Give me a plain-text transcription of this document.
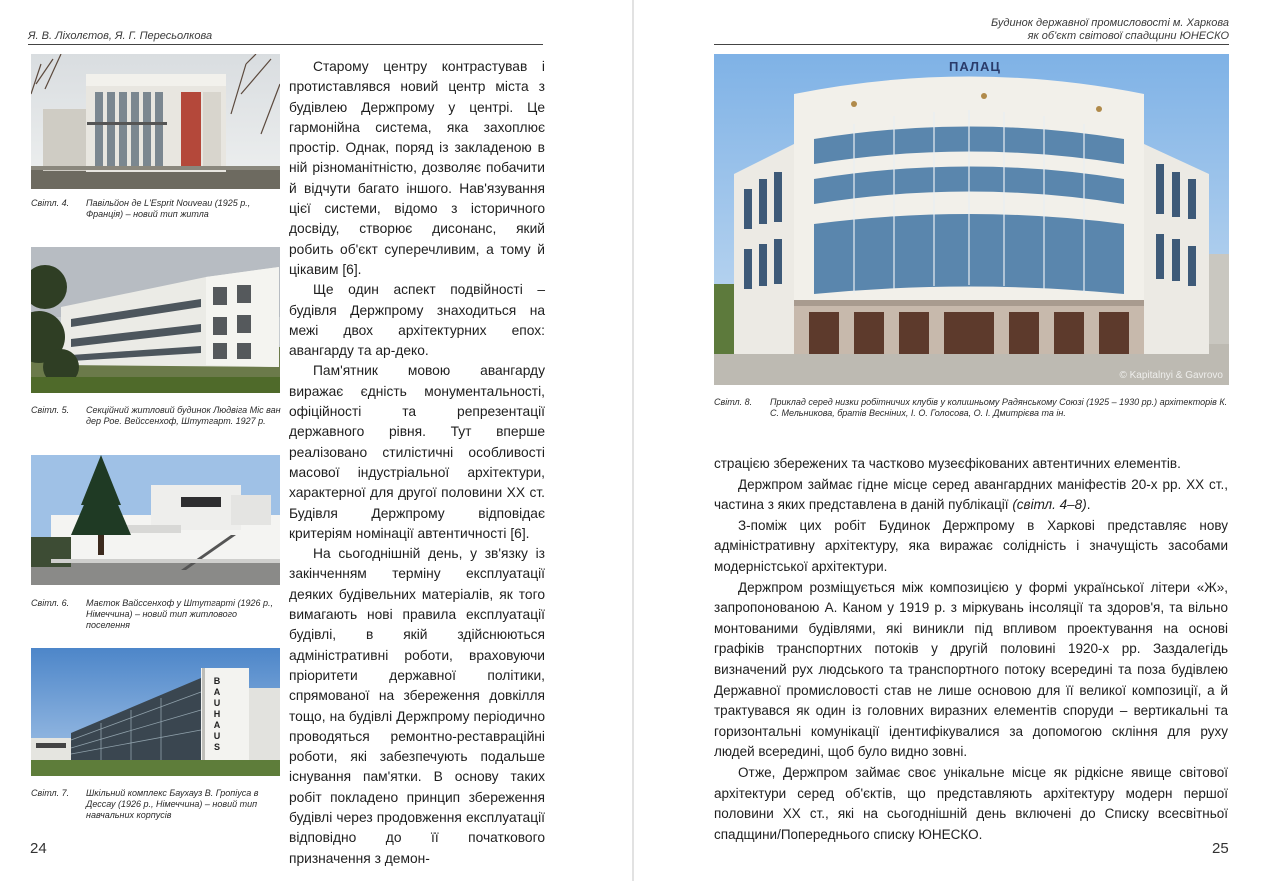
Я. В. Ліхолєтов, Я. Г. Пересьолкова
Світл. 4. Павільйон де L'Esprit Nouveau (1925 р., Франція) – новий тип житла
Світл. 5. Секційний житловий будинок Людвіга Міс ван дер Рое. Вейссенхоф, Штутгарт. 1927 р.
Світл. 6. Маєток Вайссенхоф у Штутгарті (1926 р., Німеччина) – новий тип житлового поселення
BAUHAUS
Світл. 7. Шкільний комплекс Баухауз В. Гропіуса в Дессау (1926 р., Німеччина) – новий тип навчальних корпусів

Старому центру контрастував і протиставлявся новий центр міста з будівлею Держпрому у центрі. Це гармонійна система, яка захоплює простір. Однак, поряд із закладеною в ній різноманітністю, дозволяє побачити й відчути багато іншого. Нав'язування цієї системи, відомо з історичного досвіду, створює дисонанс, який робить об'єкт суперечливим, а тому й цікавим [6].

Ще один аспект подвійності – будівля Держпрому знаходиться на межі двох архітектурних епох: авангарду та ар-деко.

Пам'ятник мовою авангарду виражає єдність монументальності, офіційності та репрезентації державного рівня. Тут вперше реалізовано стилістичні особливості масової індустріальної архітектури, характерної для другої половини XX ст. Будівля Держпрому відповідає критеріям номінації автентичності [6].

На сьогоднішній день, у зв'язку із закінченням терміну експлуатації деяких будівельних матеріалів, як того вимагають нові правила експлуатації будівлі, в якій здійснюються адміністративні роботи, враховуючи пріоритети державної політики, спрямованої на збереження довкілля тощо, на будівлі Держпрому періодично проводяться ремонтно-реставраційні роботи, які забезпечують подальше існування пам'ятки. В основу таких робіт покладено принцип збереження будівлі через продовження експлуатації відповідно до її початкового призначення з демон-

24
Будинок державної промисловості м. Харкова
як об'єкт світової спадщини ЮНЕСКО
ПАЛАЦ
© Kapitalnyi & Gavrovo
Світл. 8. Приклад серед низки робітничих клубів у колишньому Радянському Союзі (1925 – 1930 рр.) архітекторів К. С. Мельникова, братів Весніних, І. О. Голосова, О. І. Дмитрієва та ін.

страцією збережених та частково музеєфікованих автентичних елементів.

Держпром займає гідне місце серед авангардних маніфестів 20-х рр. XX ст., частина з яких представлена в даній публікації (світл. 4–8).

З-поміж цих робіт Будинок Держпрому в Харкові представляє нову адміністративну архітектуру, яка виражає солідність і значущість засобами модерністської архітектури.

Держпром розміщується між композицією у формі української літери «Ж», запропонованою А. Каном у 1919 р. з міркувань інсоляції та здоров'я, та вільно монтованими будівлями, які виникли під впливом проектування на основі графіків транспортних потоків у другій половині 1920-х рр. Заздалегідь визначений рух людського та транспортного потоку всередині та поза будівлею Державної промисловості став не лише основою для її великої композиції, а й трактувався як один із головних виразних елементів споруди – вертикальні та горизонтальні комунікації ідентифікувалися за допомогою скління для руху людей всередині, щоб було видно зовні.

Отже, Держпром займає своє унікальне місце як рідкісне явище світової архітектури серед об'єктів, що представляють архітектуру модерн першої половини XX ст., які на сьогоднішній день включені до Списку всесвітньої спадщини/Попереднього списку ЮНЕСКО.

25
